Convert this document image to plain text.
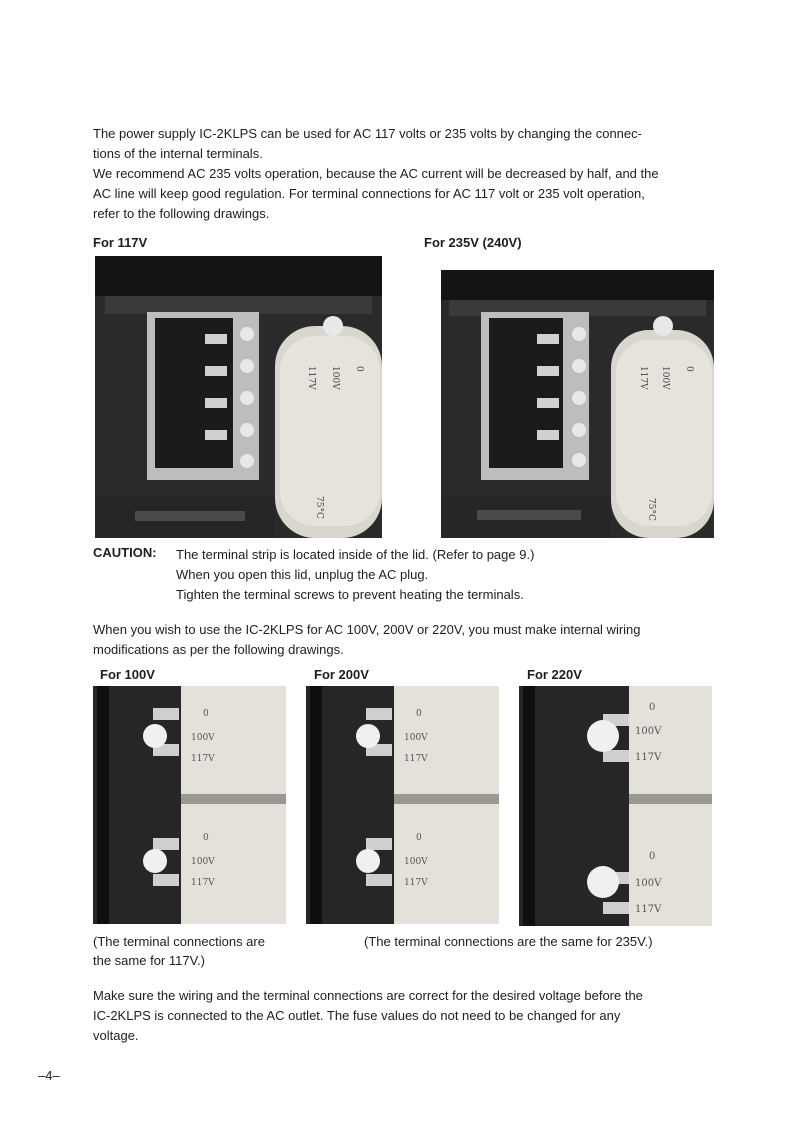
The power supply IC-2KLPS can be used for AC 117 volts or 235 volts by changing the connec-

tions of the internal terminals.

We recommend AC 235 volts operation, because the AC current will be decreased by half, and the

AC line will keep good regulation. For terminal connections for AC 117 volt or 235 volt operation,

refer to the following drawings.

For 117V	For 235V (240V)
117V 100V 0
75°C
117V 100V 0
75°C
CAUTION: The terminal strip is located inside of the lid. (Refer to page 9.)

When you open this lid, unplug the AC plug.

Tighten the terminal screws to prevent heating the terminals.

When you wish to use the IC-2KLPS for AC 100V, 200V or 220V, you must make internal wiring

modifications as per the following drawings.

For 100V	For 200V	For 220V
0
100V
117V
0
100V
117V
0
100V
117V
0
100V
117V
0
100V
117V
0
100V
117V
(The terminal connections are
the same for 117V.)
(The terminal connections are the same for 235V.)

Make sure the wiring and the terminal connections are correct for the desired voltage before the

IC-2KLPS is connected to the AC outlet. The fuse values do not need to be changed for any

voltage.

–4–
